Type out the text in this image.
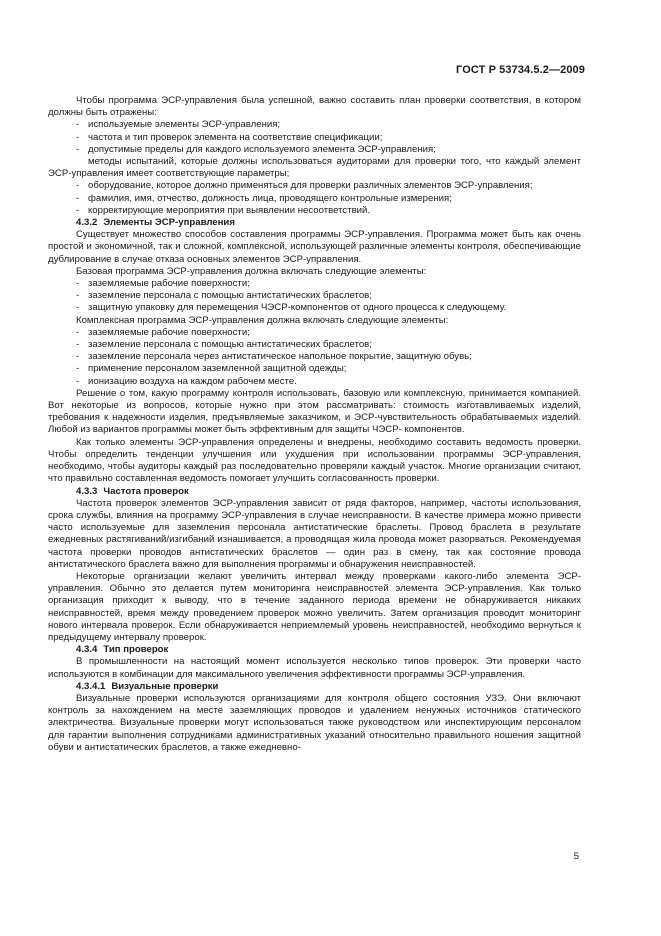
ГОСТ Р 53734.5.2—2009

Чтобы программа ЭСР-управления была успешной, важно составить план проверки соответствия, в котором должны быть отражены:

- используемые элементы ЭСР-управления;
- частота и тип проверок элемента на соответствие спецификации;
- допустимые пределы для каждого используемого элемента ЭСР-управления;
- методы испытаний, которые должны использоваться аудиторами для проверки того, что каждый элемент ЭСР-управления имеет соответствующие параметры;
- оборудование, которое должно применяться для проверки различных элементов ЭСР-управления;
- фамилия, имя, отчество, должность лица, проводящего контрольные измерения;
- корректирующие мероприятия при выявлении несоответствий.

4.3.2 Элементы ЭСР-управления

Существует множество способов составления программы ЭСР-управления. Программа может быть как очень простой и экономичной, так и сложной, комплексной, использующей различные элементы контроля, обеспечивающие дублирование в случае отказа основных элементов ЭСР-управления.

Базовая программа ЭСР-управления должна включать следующие элементы:

- заземляемые рабочие поверхности;
- заземление персонала с помощью антистатических браслетов;
- защитную упаковку для перемещения ЧЭСР-компонентов от одного процесса к следующему.

Комплексная программа ЭСР-управления должна включать следующие элементы:

- заземляемые рабочие поверхности;
- заземление персонала с помощью антистатических браслетов;
- заземление персонала через антистатическое напольное покрытие, защитную обувь;
- применение персоналом заземленной защитной одежды;
- ионизацию воздуха на каждом рабочем месте.

Решение о том, какую программу контроля использовать, базовую или комплексную, принимается компанией. Вот некоторые из вопросов, которые нужно при этом рассматривать: стоимость изготавливаемых изделий, требования к надежности изделия, предъявляемые заказчиком, и ЭСР-чувствительность обрабатываемых изделий. Любой из вариантов программы может быть эффективным для защиты ЧЭСР- компонентов.

Как только элементы ЭСР-управления определены и внедрены, необходимо составить ведомость проверки. Чтобы определить тенденции улучшения или ухудшения при использовании программы ЭСР-управления, необходимо, чтобы аудиторы каждый раз последовательно проверяли каждый участок. Многие организации считают, что правильно составленная ведомость помогает улучшить согласованность проверки.

4.3.3 Частота проверок

Частота проверок элементов ЭСР-управления зависит от ряда факторов, например, частоты использования, срока службы, влияния на программу ЭСР-управления в случае неисправности. В качестве примера можно привести часто используемые для заземления персонала антистатические браслеты. Провод браслета в результате ежедневных растягиваний/изгибаний изнашивается, а проводящая жила провода может разорваться. Рекомендуемая частота проверки проводов антистатических браслетов — один раз в смену, так как состояние провода антистатического браслета важно для выполнения программы и обнаружения неисправностей.

Некоторые организации желают увеличить интервал между проверками какого-либо элемента ЭСР-управления. Обычно это делается путем мониторинга неисправностей элемента ЭСР-управления. Как только организация приходит к выводу, что в течение заданного периода времени не обнаруживается никаких неисправностей, время между проведением проверок можно увеличить. Затем организация проводит мониторинг нового интервала проверок. Если обнаруживается неприемлемый уровень неисправностей, необходимо вернуться к предыдущему интервалу проверок.

4.3.4 Тип проверок

В промышленности на настоящий момент используется несколько типов проверок. Эти проверки часто используются в комбинации для максимального увеличения эффективности программы ЭСР-управления.

4.3.4.1 Визуальные проверки

Визуальные проверки используются организациями для контроля общего состояния УЗЭ. Они включают контроль за нахождением на месте заземляющих проводов и удалением ненужных источников статического электричества. Визуальные проверки могут использоваться также руководством или инспектирующим персоналом для гарантии выполнения сотрудниками административных указаний относительно правильного ношения защитной обуви и антистатических браслетов, а также ежедневно-

5
